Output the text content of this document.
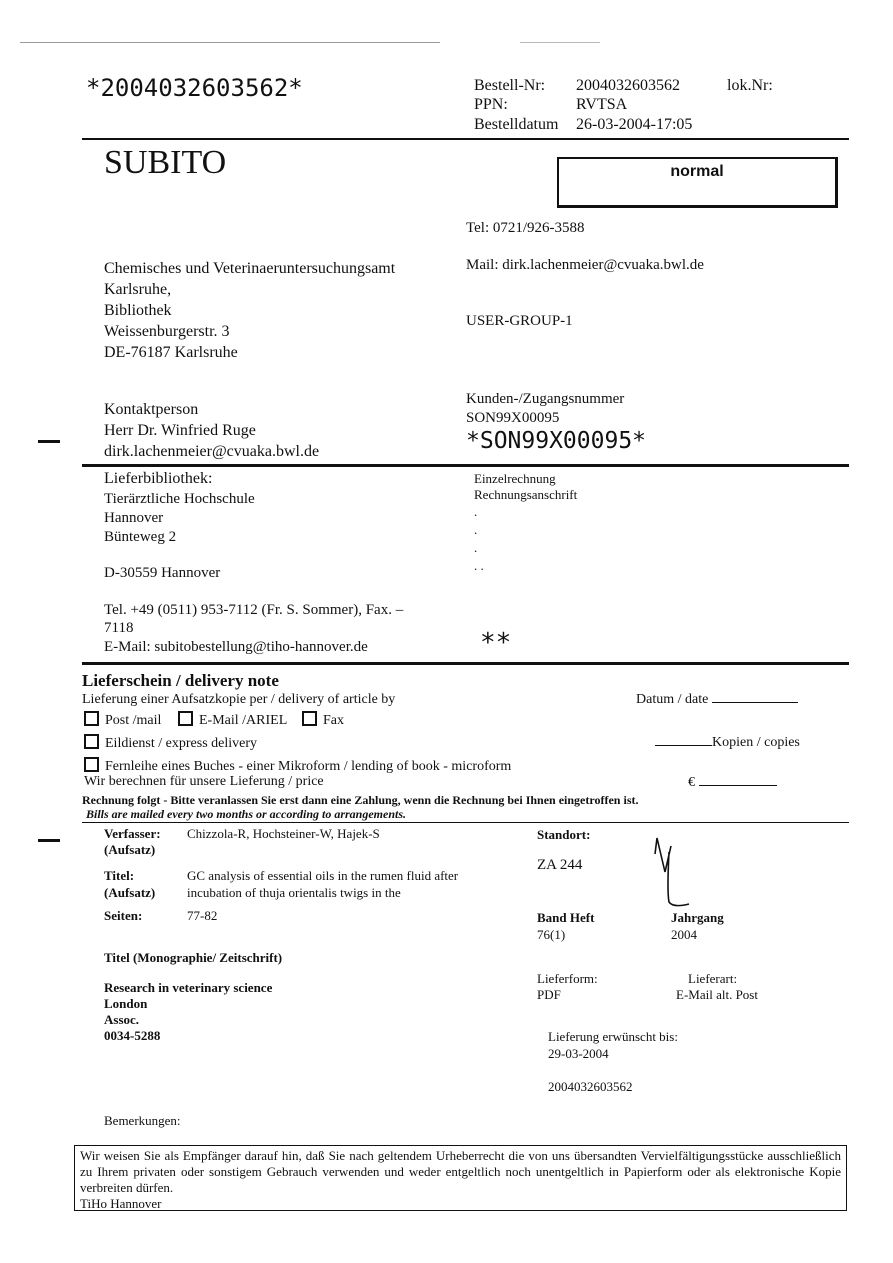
*2004032603562*	Bestell-Nr: 2004032603562	lok.Nr:
PPN:	RVTSA
Bestelldatum 26-03-2004-17:05
SUBITO	normal
Tel: 0721/926-3588
Chemisches und Veterinaeruntersuchungsamt
Karlsruhe,
Bibliothek
Weissenburgerstr. 3
DE-76187 Karlsruhe
Mail: dirk.lachenmeier@cvuaka.bwl.de
USER-GROUP-1
Kontaktperson
Herr Dr. Winfried Ruge
dirk.lachenmeier@cvuaka.bwl.de
Kunden-/Zugangsnummer
SON99X00095
*SON99X00095*
Lieferbibliothek:
Tierärztliche Hochschule
Hannover
Bünteweg 2
D-30559 Hannover
Tel. +49 (0511) 953-7112 (Fr. S. Sommer), Fax. –
7118
E-Mail: subitobestellung@tiho-hannover.de
Einzelrechnung
Rechnungsanschrift
.
.
.
. .
**
Lieferschein / delivery note
Lieferung einer Aufsatzkopie per / delivery of article by	Datum / date
Post /mail	E-Mail /ARIEL	Fax
Eildienst / express delivery	Kopien / copies
Fernleihe eines Buches - einer Mikroform / lending of book - microform
Wir berechnen für unsere Lieferung / price	€
Rechnung folgt - Bitte veranlassen Sie erst dann eine Zahlung, wenn die Rechnung bei Ihnen eingetroffen ist.
Bills are mailed every two months or according to arrangements.
Verfasser:
(Aufsatz)
Chizzola-R, Hochsteiner-W, Hajek-S
Titel:
(Aufsatz)
GC analysis of essential oils in the rumen fluid after
incubation of thuja orientalis twigs in the
Seiten:	77-82
Titel (Monographie/ Zeitschrift)
Research in veterinary science
London
Assoc.
0034-5288
Standort:
ZA 244
Band Heft
76(1)
Jahrgang
2004
Lieferform:
PDF
Lieferart:
E-Mail alt. Post
Lieferung erwünscht bis:
29-03-2004
2004032603562
Bemerkungen:
Wir weisen Sie als Empfänger darauf hin, daß Sie nach geltendem Urheberrecht die von uns übersandten Vervielfältigungsstücke ausschließlich zu Ihrem privaten oder sonstigem Gebrauch verwenden und weder entgeltlich noch unentgeltlich in Papierform oder als elektronische Kopie verbreiten dürfen.
TiHo Hannover
